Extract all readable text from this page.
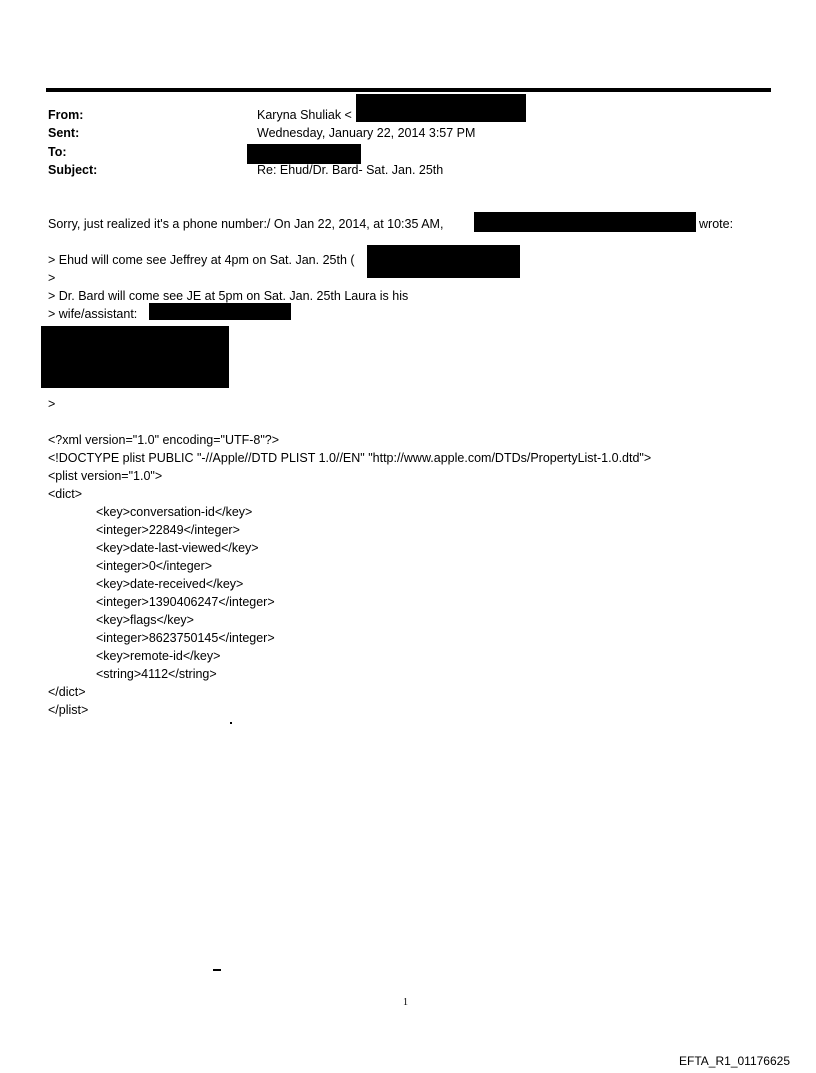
From:	Karyna Shuliak <
Sent:	Wednesday, January 22, 2014 3:57 PM
To:
Subject:	Re: Ehud/Dr. Bard- Sat. Jan. 25th
Sorry, just realized it's a phone number:/ On Jan 22, 2014, at 10:35 AM,	wrote:
> Ehud will come see Jeffrey at 4pm on Sat. Jan. 25th (
>
> Dr. Bard will come see JE at 5pm on Sat. Jan. 25th Laura is his
> wife/assistant:
>
<?xml version="1.0" encoding="UTF-8"?>
<!DOCTYPE plist PUBLIC "-//Apple//DTD PLIST 1.0//EN" "http://www.apple.com/DTDs/PropertyList-1.0.dtd">
<plist version="1.0">
<dict>
<key>conversation-id</key>
<integer>22849</integer>
<key>date-last-viewed</key>
<integer>0</integer>
<key>date-received</key>
<integer>1390406247</integer>
<key>flags</key>
<integer>8623750145</integer>
<key>remote-id</key>
<string>4112</string>
</dict>
</plist>
1
EFTA_R1_01176625
